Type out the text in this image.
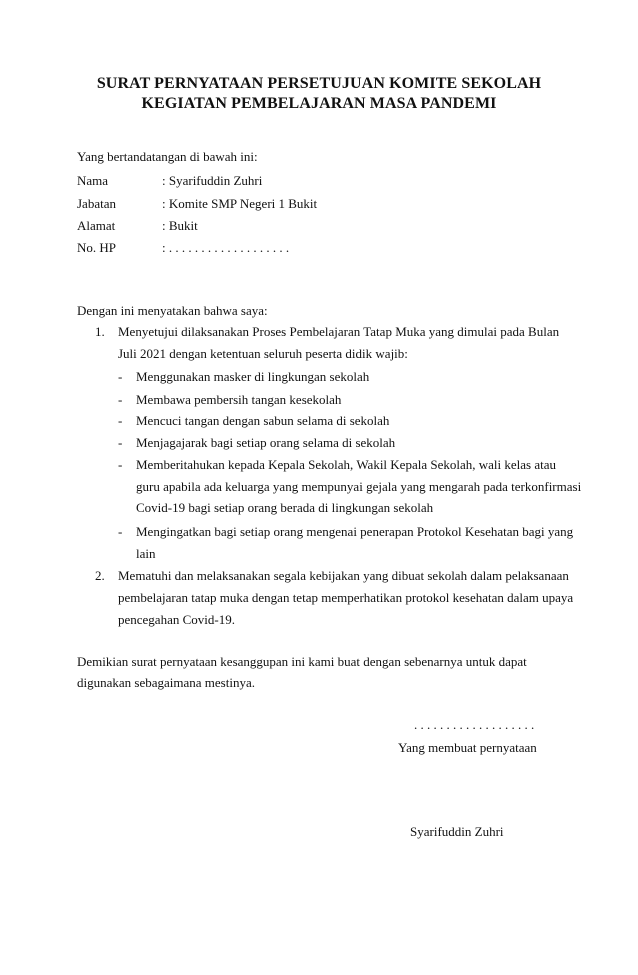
SURAT PERNYATAAN PERSETUJUAN KOMITE SEKOLAH
KEGIATAN PEMBELAJARAN MASA PANDEMI
Yang bertandatangan di bawah ini:
Nama	: Syarifuddin Zuhri
Jabatan	: Komite SMP Negeri 1 Bukit
Alamat	: Bukit
No. HP	: . . . . . . . . . . . . . . . . . . .
Dengan ini menyatakan bahwa saya:
1. Menyetujui dilaksanakan Proses Pembelajaran Tatap Muka yang dimulai pada Bulan
Juli 2021 dengan ketentuan seluruh peserta didik wajib:
- Menggunakan masker di lingkungan sekolah
- Membawa pembersih tangan kesekolah
- Mencuci tangan dengan sabun selama di sekolah
- Menjagajarak bagi setiap orang selama di sekolah
- Memberitahukan kepada Kepala Sekolah, Wakil Kepala Sekolah, wali kelas atau
guru apabila ada keluarga yang mempunyai gejala yang mengarah pada terkonfirmasi
Covid-19 bagi setiap orang berada di lingkungan sekolah
- Mengingatkan bagi setiap orang mengenai penerapan Protokol Kesehatan bagi yang
lain
2. Mematuhi dan melaksanakan segala kebijakan yang dibuat sekolah dalam pelaksanaan
pembelajaran tatap muka dengan tetap memperhatikan protokol kesehatan dalam upaya
pencegahan Covid-19.
Demikian surat pernyataan kesanggupan ini kami buat dengan sebenarnya untuk dapat
digunakan sebagaimana mestinya.
. . . . . . . . . . . . . . . . . . .
Yang membuat pernyataan
Syarifuddin Zuhri
